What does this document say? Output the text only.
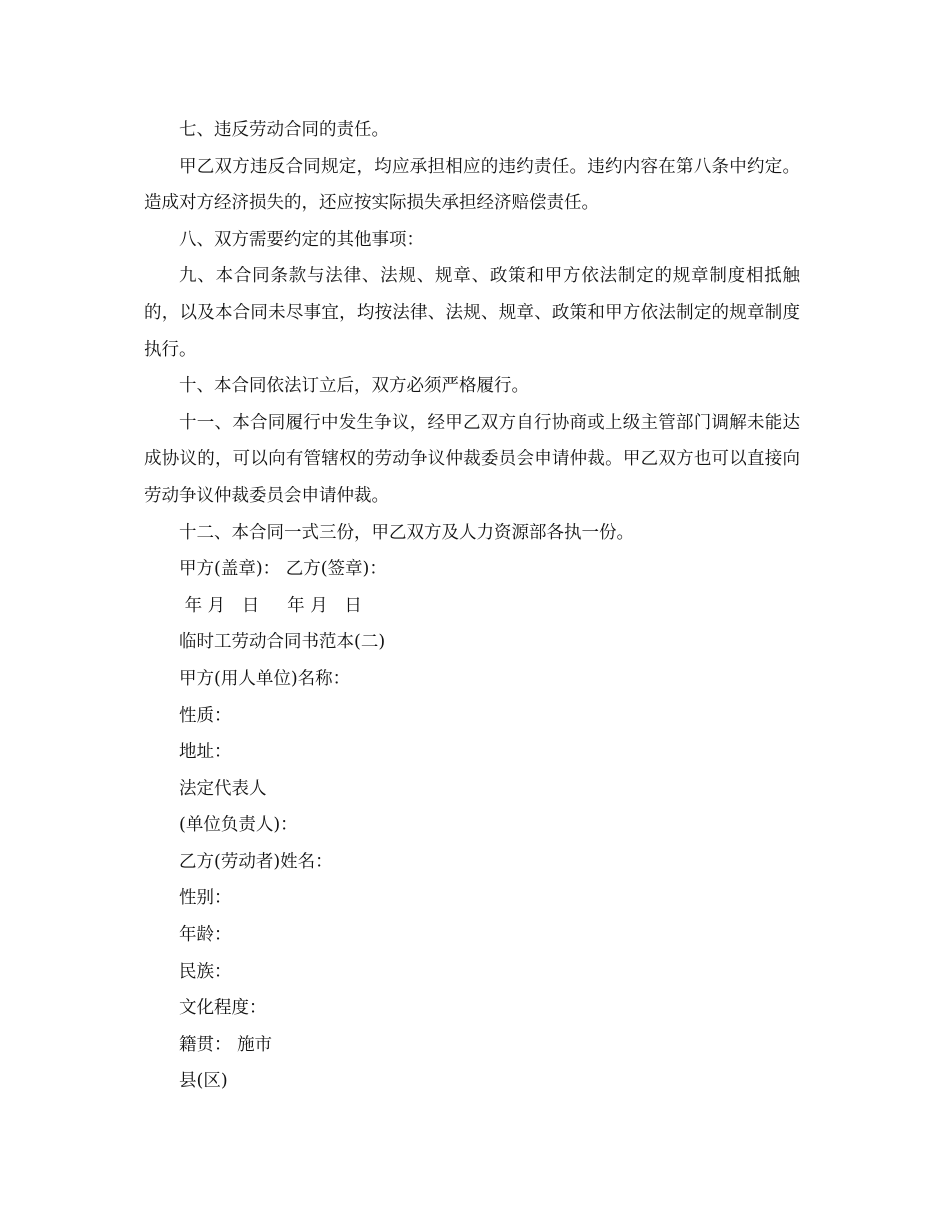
七、违反劳动合同的责任。

甲乙双方违反合同规定，均应承担相应的违约责任。违约内容在第八条中约定。造成对方经济损失的，还应按实际损失承担经济赔偿责任。

八、双方需要约定的其他事项：

九、本合同条款与法律、法规、规章、政策和甲方依法制定的规章制度相抵触的，以及本合同未尽事宜，均按法律、法规、规章、政策和甲方依法制定的规章制度执行。

十、本合同依法订立后，双方必须严格履行。

十一、本合同履行中发生争议，经甲乙双方自行协商或上级主管部门调解未能达成协议的，可以向有管辖权的劳动争议仲裁委员会申请仲裁。甲乙双方也可以直接向劳动争议仲裁委员会申请仲裁。

十二、本合同一式三份，甲乙双方及人力资源部各执一份。

甲方(盖章)： 乙方(签章)：

年 月   日     年 月   日

临时工劳动合同书范本(二)

甲方(用人单位)名称：

性质：

地址：

法定代表人

(单位负责人)：

乙方(劳动者)姓名：

性别：

年龄：

民族：

文化程度：

籍贯： 施市

县(区)
